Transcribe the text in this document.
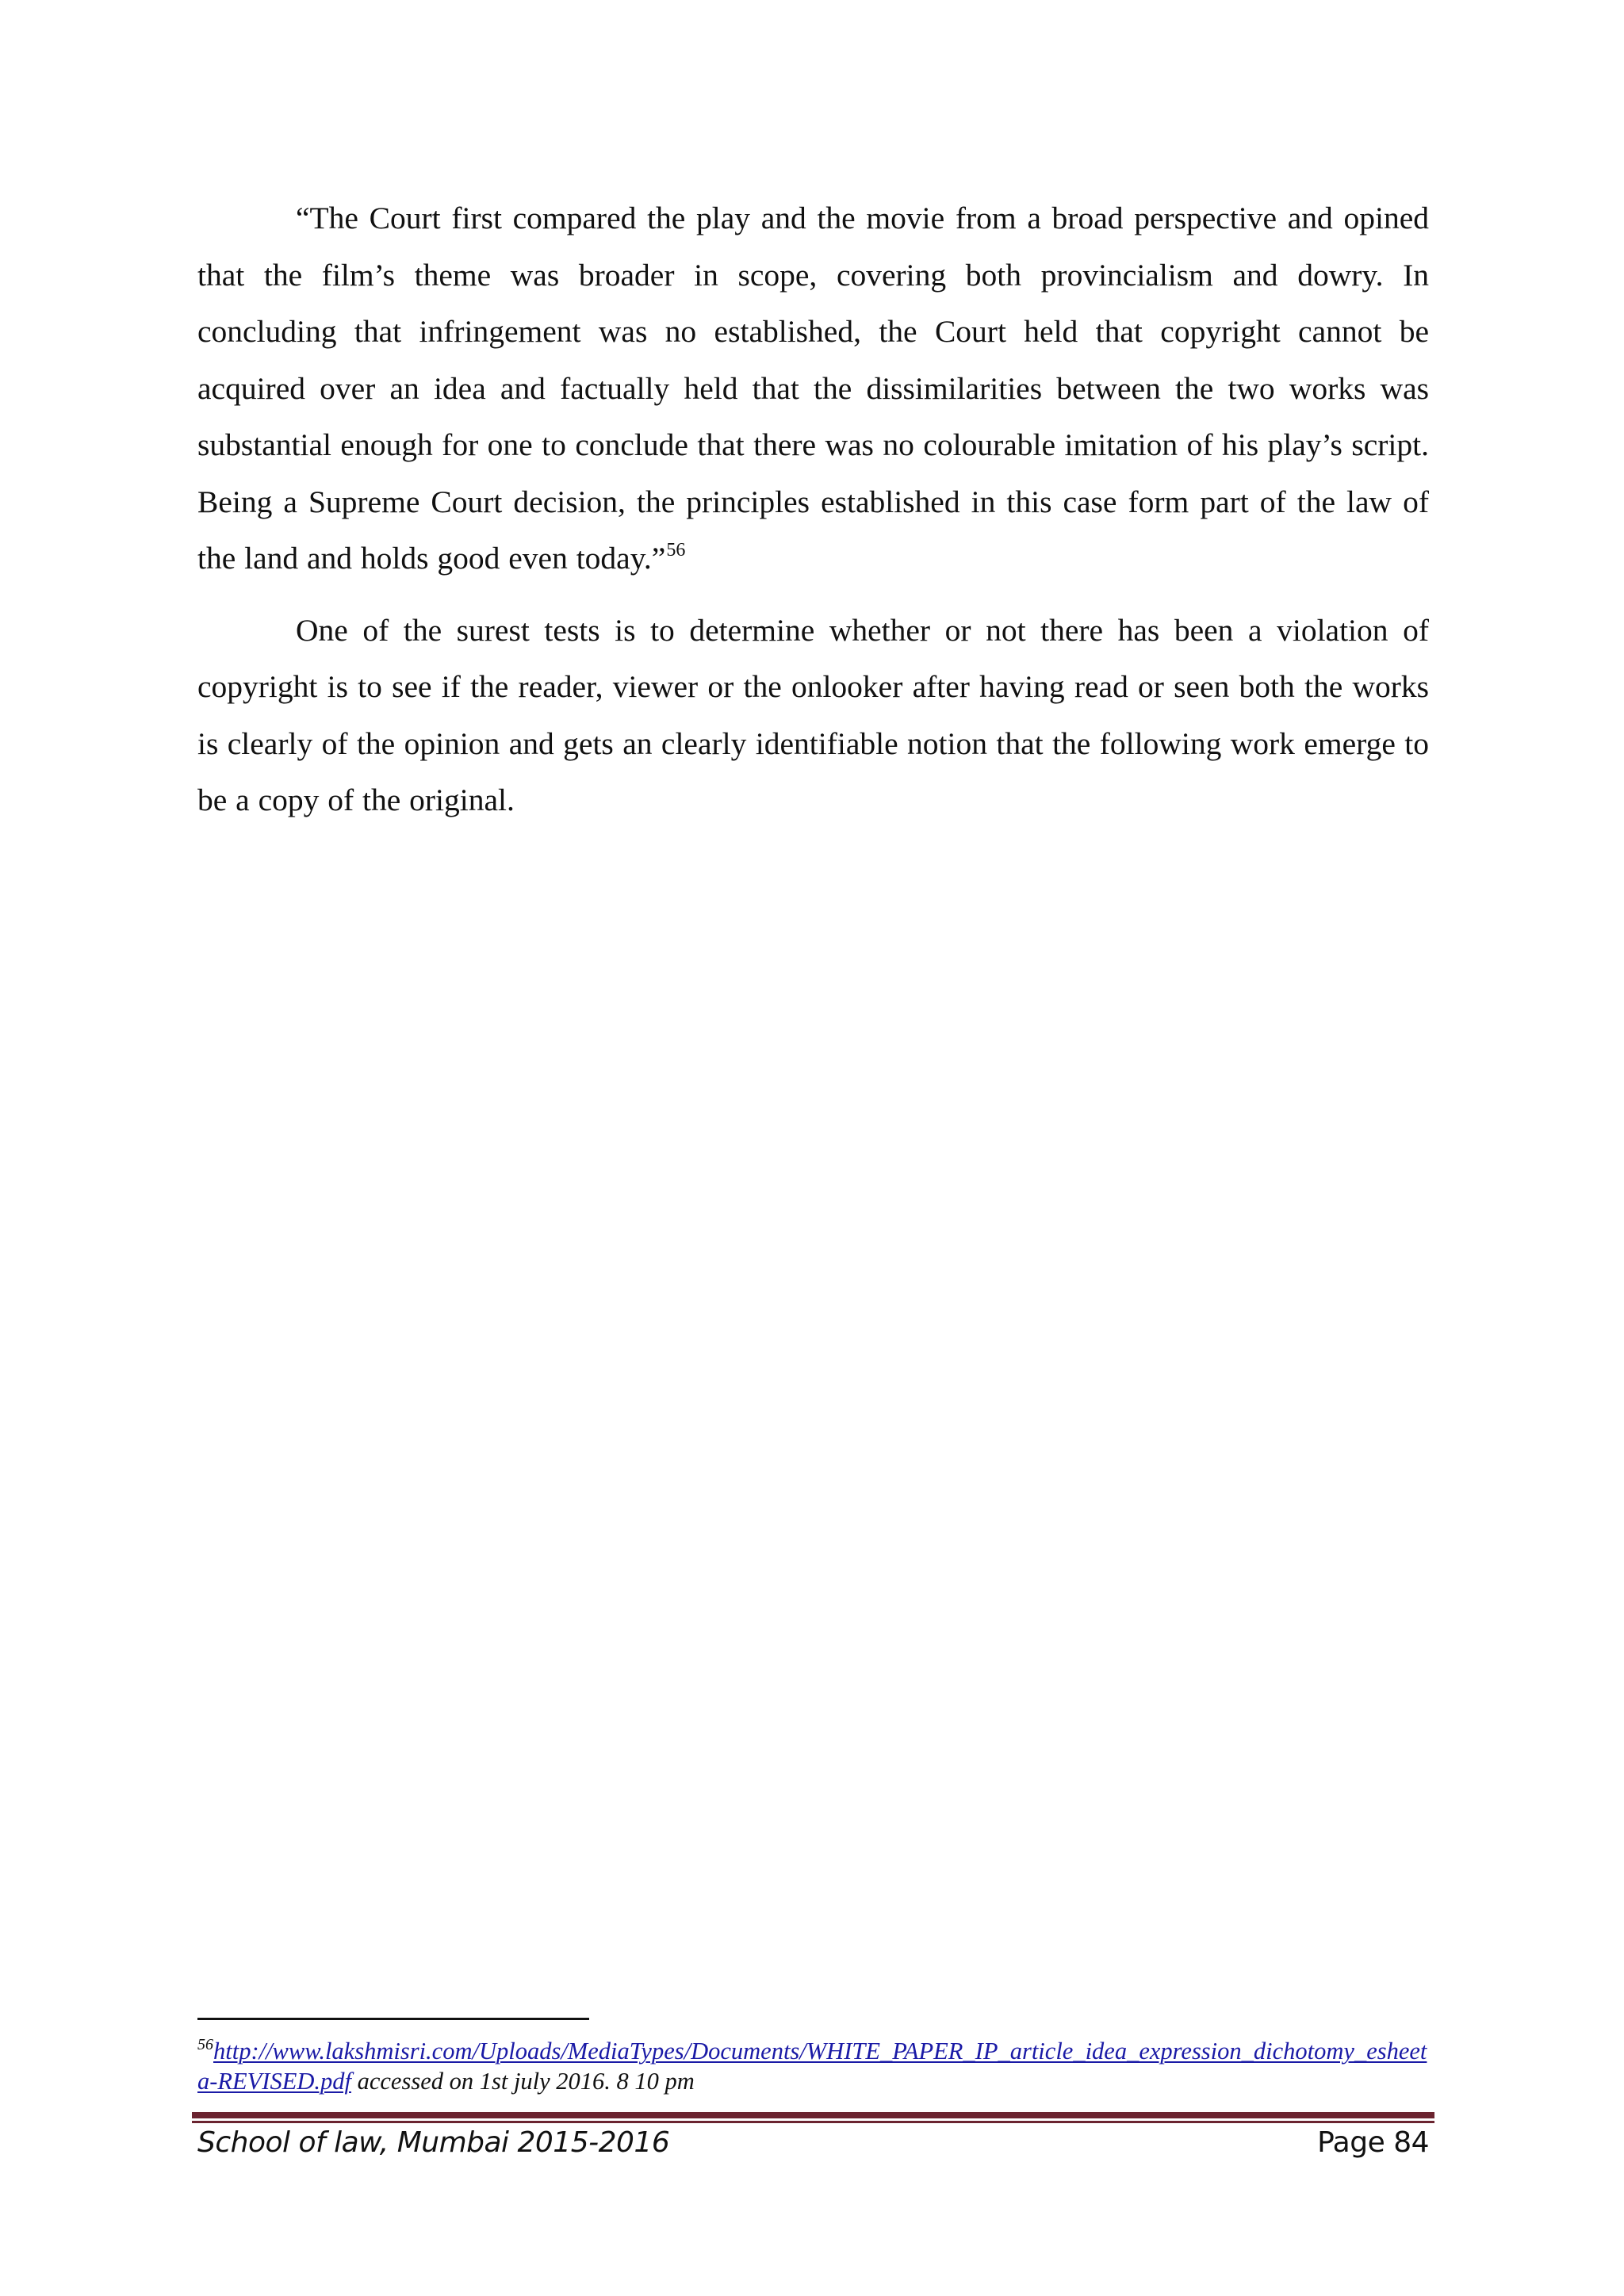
“The Court first compared the play and the movie from a broad perspective and opined that the film’s theme was broader in scope, covering both provincialism and dowry. In concluding that infringement was no established, the Court held that copyright cannot be acquired over an idea and factually held that the dissimilarities between the two works was substantial enough for one to conclude that there was no colourable imitation of his play’s script. Being a Supreme Court decision, the principles established in this case form part of the law of the land and holds good even today.”$^{56}$

One of the surest tests is to determine whether or not there has been a violation of copyright is to see if the reader, viewer or the onlooker after having read or seen both the works is clearly of the opinion and gets an clearly identifiable notion that the following work emerge to be a copy of the original.

$^{56}$http://www.lakshmisri.com/Uploads/MediaTypes/Documents/WHITE_PAPER_IP_article_idea_expression_dichotomy_esheeta-REVISED.pdf accessed on 1st july 2016. 8 10 pm
School of law, Mumbai 2015-2016	Page 84
